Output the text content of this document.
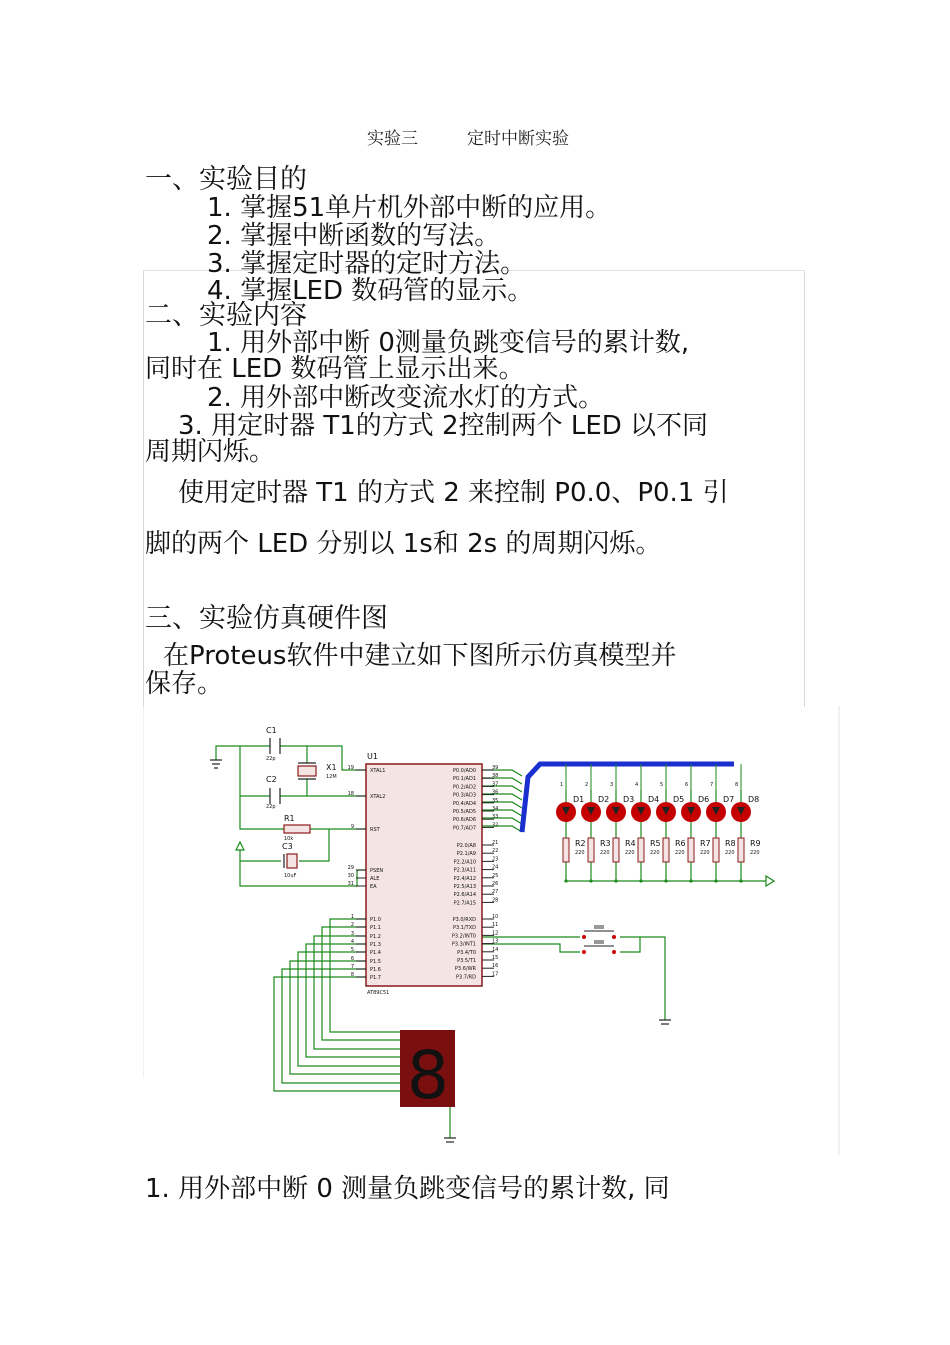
实验三	定时中断实验
一、实验目的
1. 掌握51单片机外部中断的应用。
2. 掌握中断函数的写法。
3. 掌握定时器的定时方法。
4. 掌握LED 数码管的显示。
二、实验内容
1. 用外部中断 0测量负跳变信号的累计数,
同时在 LED 数码管上显示出来。
2. 用外部中断改变流水灯的方式。
3. 用定时器 T1的方式 2控制两个 LED 以不同
周期闪烁。
使用定时器 T1 的方式 2 来控制 P0.0、P0.1 引
脚的两个 LED 分别以 1s和 2s 的周期闪烁。
三、实验仿真硬件图
在Proteus软件中建立如下图所示仿真模型并
保存。
19	XTAL1
18	XTAL2
9	RST
29	PSEN
30	ALE
31	EA
1	P1.0
2	P1.1
3	P1.2
4	P1.3
5	P1.4
6	P1.5
7	P1.6
8	P1.7
39
P0.0/AD0
38
P0.1/AD1
37
P0.2/AD2
36
P0.3/AD3
35
P0.4/AD4
34
P0.5/AD5
33
P0.6/AD6
32
P0.7/AD7
21
P2.0/A8
22
P2.1/A9
23
P2.2/A10
24
P2.3/A11
25
P2.4/A12
26
P2.5/A13
27
P2.6/A14
28
P2.7/A15
10
P3.0/RXD
11
P3.1/TXD
12
P3.2/INT0
13
P3.3/INT1
14
P3.4/T0
15
P3.5/T1
16
P3.6/WR
17
P3.7/RD
1
D1
R2
220
2
D2
R3
220
3
D3
R4
220
4
D4
R5
220
5
D5
R6
220
6
D6
R7
220
7
D7
R8
220
8
D8
R9
220
8
C1
22p
C2
22p
X1
12M
R1
10k
C3
10uF
U1
AT89C51
1. 用外部中断 0 测量负跳变信号的累计数, 同
